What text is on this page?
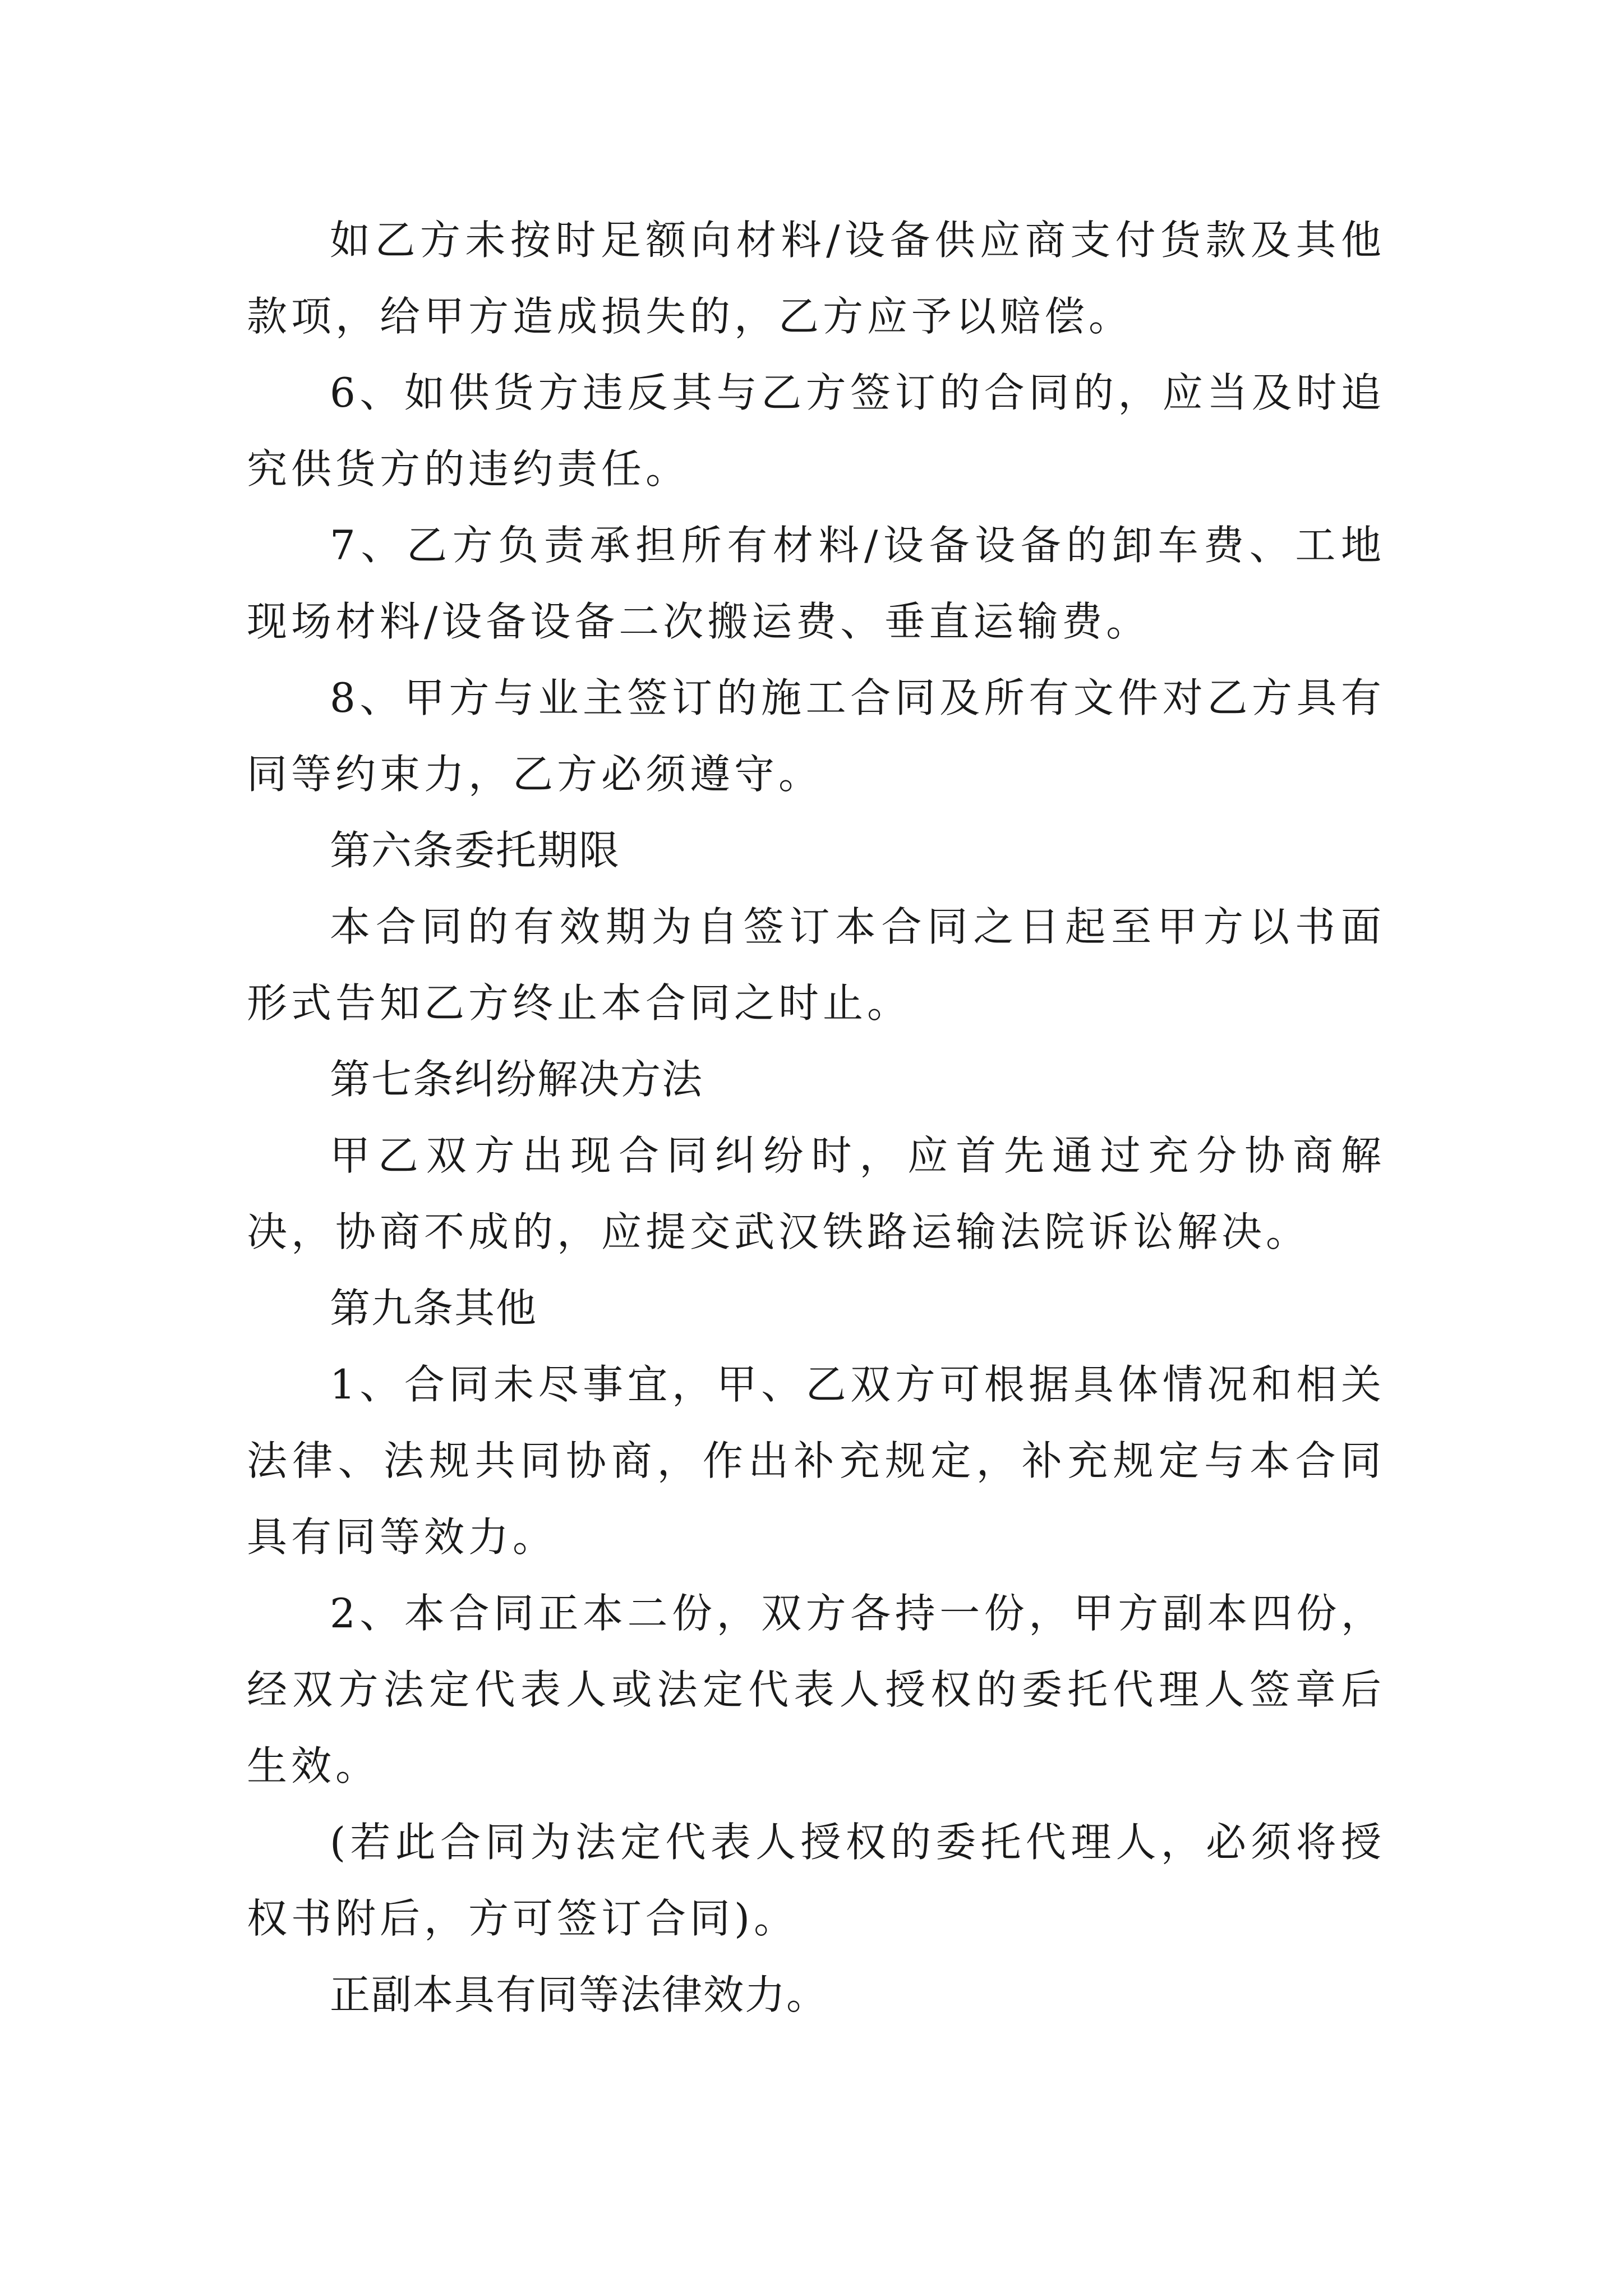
如乙方未按时足额向材料/设备供应商支付货款及其他款项，给甲方造成损失的，乙方应予以赔偿。

6、如供货方违反其与乙方签订的合同的，应当及时追究供货方的违约责任。

7、乙方负责承担所有材料/设备设备的卸车费、工地现场材料/设备设备二次搬运费、垂直运输费。

8、甲方与业主签订的施工合同及所有文件对乙方具有同等约束力，乙方必须遵守。

第六条委托期限

本合同的有效期为自签订本合同之日起至甲方以书面形式告知乙方终止本合同之时止。

第七条纠纷解决方法

甲乙双方出现合同纠纷时，应首先通过充分协商解决，协商不成的，应提交武汉铁路运输法院诉讼解决。

第九条其他

1、合同未尽事宜，甲、乙双方可根据具体情况和相关法律、法规共同协商，作出补充规定，补充规定与本合同具有同等效力。

2、本合同正本二份，双方各持一份，甲方副本四份，经双方法定代表人或法定代表人授权的委托代理人签章后生效。

(若此合同为法定代表人授权的委托代理人，必须将授权书附后，方可签订合同)。

正副本具有同等法律效力。
